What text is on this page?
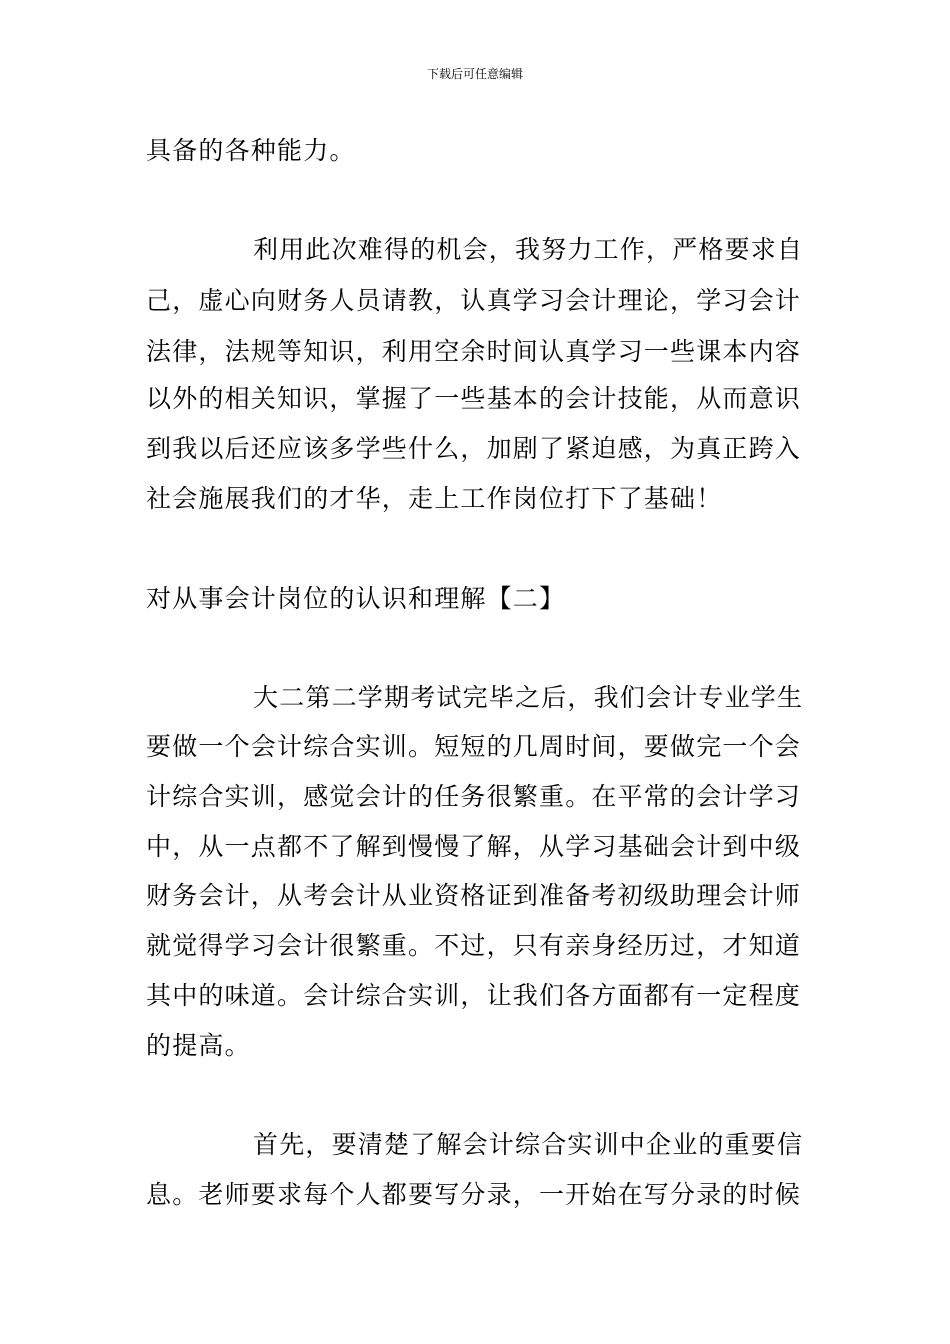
下载后可任意编辑
具备的各种能力。
利用此次难得的机会，我努力工作，严格要求自
己，虚心向财务人员请教，认真学习会计理论，学习会计
法律，法规等知识，利用空余时间认真学习一些课本内容
以外的相关知识，掌握了一些基本的会计技能，从而意识
到我以后还应该多学些什么，加剧了紧迫感，为真正跨入
社会施展我们的才华，走上工作岗位打下了基础！
对从事会计岗位的认识和理解【二】
大二第二学期考试完毕之后，我们会计专业学生
要做一个会计综合实训。短短的几周时间，要做完一个会
计综合实训，感觉会计的任务很繁重。在平常的会计学习
中，从一点都不了解到慢慢了解，从学习基础会计到中级
财务会计，从考会计从业资格证到准备考初级助理会计师
就觉得学习会计很繁重。不过，只有亲身经历过，才知道
其中的味道。会计综合实训，让我们各方面都有一定程度
的提高。
首先，要清楚了解会计综合实训中企业的重要信
息。老师要求每个人都要写分录，一开始在写分录的时候
